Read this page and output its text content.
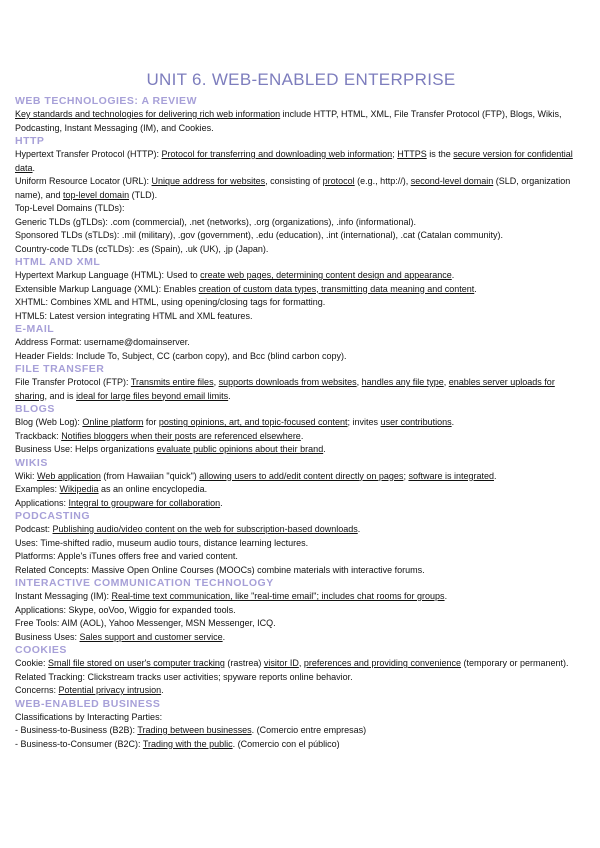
UNIT 6. WEB-ENABLED ENTERPRISE
WEB TECHNOLOGIES: A REVIEW
Key standards and technologies for delivering rich web information include HTTP, HTML, XML, File Transfer Protocol (FTP), Blogs, Wikis, Podcasting, Instant Messaging (IM), and Cookies.
HTTP
Hypertext Transfer Protocol (HTTP): Protocol for transferring and downloading web information; HTTPS is the secure version for confidential data.
Uniform Resource Locator (URL): Unique address for websites, consisting of protocol (e.g., http://), second-level domain (SLD, organization name), and top-level domain (TLD).
Top-Level Domains (TLDs):
Generic TLDs (gTLDs): .com (commercial), .net (networks), .org (organizations), .info (informational).
Sponsored TLDs (sTLDs): .mil (military), .gov (government), .edu (education), .int (international), .cat (Catalan community).
Country-code TLDs (ccTLDs): .es (Spain), .uk (UK), .jp (Japan).
HTML AND XML
Hypertext Markup Language (HTML): Used to create web pages, determining content design and appearance.
Extensible Markup Language (XML): Enables creation of custom data types, transmitting data meaning and content.
XHTML: Combines XML and HTML, using opening/closing tags for formatting.
HTML5: Latest version integrating HTML and XML features.
E-MAIL
Address Format: username@domainserver.
Header Fields: Include To, Subject, CC (carbon copy), and Bcc (blind carbon copy).
FILE TRANSFER
File Transfer Protocol (FTP): Transmits entire files, supports downloads from websites, handles any file type, enables server uploads for sharing, and is ideal for large files beyond email limits.
BLOGS
Blog (Web Log): Online platform for posting opinions, art, and topic-focused content; invites user contributions.
Trackback: Notifies bloggers when their posts are referenced elsewhere.
Business Use: Helps organizations evaluate public opinions about their brand.
WIKIS
Wiki: Web application (from Hawaiian "quick") allowing users to add/edit content directly on pages; software is integrated.
Examples: Wikipedia as an online encyclopedia.
Applications: Integral to groupware for collaboration.
PODCASTING
Podcast: Publishing audio/video content on the web for subscription-based downloads.
Uses: Time-shifted radio, museum audio tours, distance learning lectures.
Platforms: Apple's iTunes offers free and varied content.
Related Concepts: Massive Open Online Courses (MOOCs) combine materials with interactive forums.
INTERACTIVE COMMUNICATION TECHNOLOGY
Instant Messaging (IM): Real-time text communication, like "real-time email"; includes chat rooms for groups.
Applications: Skype, ooVoo, Wiggio for expanded tools.
Free Tools: AIM (AOL), Yahoo Messenger, MSN Messenger, ICQ.
Business Uses: Sales support and customer service.
COOKIES
Cookie: Small file stored on user's computer tracking (rastrea) visitor ID, preferences and providing convenience (temporary or permanent).
Related Tracking: Clickstream tracks user activities; spyware reports online behavior.
Concerns: Potential privacy intrusion.
WEB-ENABLED BUSINESS
Classifications by Interacting Parties:
- Business-to-Business (B2B): Trading between businesses. (Comercio entre empresas)
- Business-to-Consumer (B2C): Trading with the public. (Comercio con el público)
